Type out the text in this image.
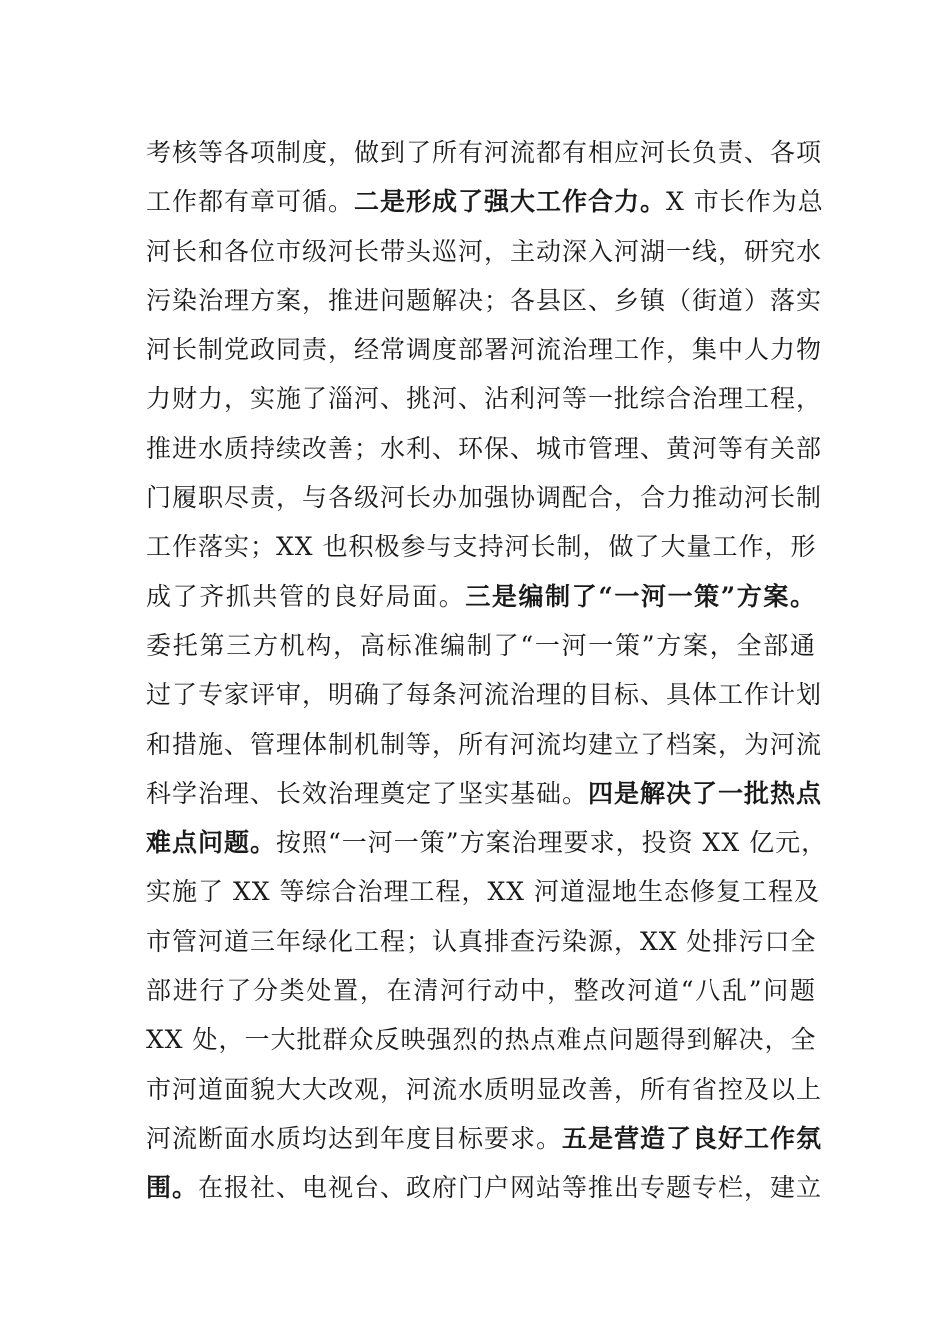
考核等各项制度，做到了所有河流都有相应河长负责、各项
工作都有章可循。二是形成了强大工作合力。X 市长作为总
河长和各位市级河长带头巡河，主动深入河湖一线，研究水
污染治理方案，推进问题解决；各县区、乡镇（街道）落实
河长制党政同责，经常调度部署河流治理工作，集中人力物
力财力，实施了淄河、挑河、沾利河等一批综合治理工程，
推进水质持续改善；水利、环保、城市管理、黄河等有关部
门履职尽责，与各级河长办加强协调配合，合力推动河长制
工作落实；XX 也积极参与支持河长制，做了大量工作，形
成了齐抓共管的良好局面。三是编制了“一河一策”方案。
委托第三方机构，高标准编制了“一河一策”方案，全部通
过了专家评审，明确了每条河流治理的目标、具体工作计划
和措施、管理体制机制等，所有河流均建立了档案，为河流
科学治理、长效治理奠定了坚实基础。四是解决了一批热点
难点问题。按照“一河一策”方案治理要求，投资 XX 亿元，
实施了 XX 等综合治理工程，XX 河道湿地生态修复工程及
市管河道三年绿化工程；认真排查污染源，XX 处排污口全
部进行了分类处置，在清河行动中，整改河道“八乱”问题
XX 处，一大批群众反映强烈的热点难点问题得到解决，全
市河道面貌大大改观，河流水质明显改善，所有省控及以上
河流断面水质均达到年度目标要求。五是营造了良好工作氛
围。在报社、电视台、政府门户网站等推出专题专栏，建立
